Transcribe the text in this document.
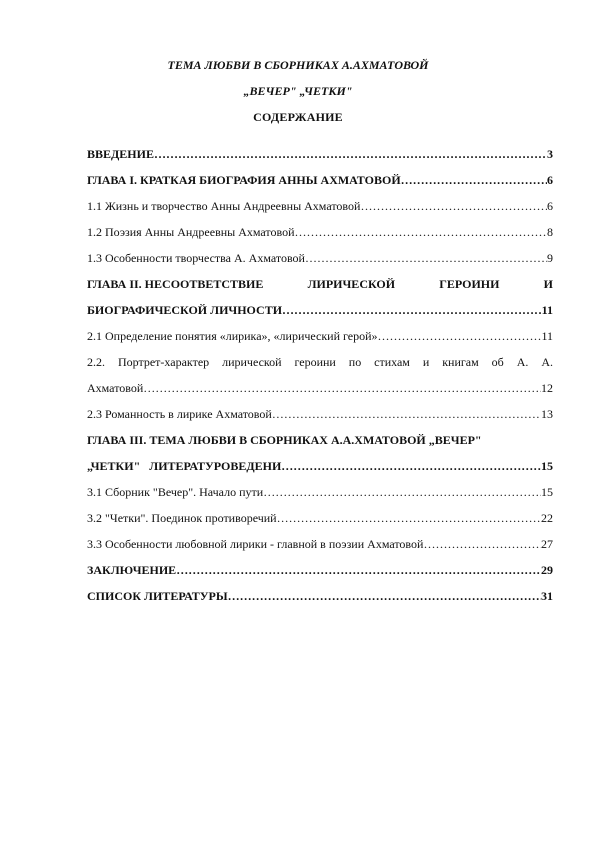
ТЕМА ЛЮБВИ В СБОРНИКАХ А.АХМАТОВОЙ
„ВЕЧЕР" „ЧЕТКИ"
СОДЕРЖАНИЕ
ВВЕДЕНИЕ ……………………………………………………………………………………………………………………………………………………	3
ГЛАВА I. КРАТКАЯ БИОГРАФИЯ АННЫ АХМАТОВОЙ ……………………………………………………………………………………………………………………………………………………	6
1.1 Жизнь и творчество Анны Андреевны Ахматовой ……………………………………………………………………………………………………………………………………………………	6
1.2 Поэзия Анны Андреевны Ахматовой ……………………………………………………………………………………………………………………………………………………	8
1.3 Особенности творчества А. Ахматовой ……………………………………………………………………………………………………………………………………………………	9
ГЛАВА II. НЕСООТВЕТСТВИЕ	ЛИРИЧЕСКОЙ	ГЕРОИНИ	И
БИОГРАФИЧЕСКОЙ ЛИЧНОСТИ ……………………………………………………………………………………………………………………………………………………	11
2.1 Определение понятия «лирика», «лирический герой» ……………………………………………………………………………………………………………………………………………………	11
2.2. Портрет-характер лирической героини по стихам и книгам об А. А.
Ахматовой ……………………………………………………………………………………………………………………………………………………	12
2.3 Романность в лирике Ахматовой ……………………………………………………………………………………………………………………………………………………	13
ГЛАВА III. ТЕМА ЛЮБВИ В СБОРНИКАХ А.А.ХМАТОВОЙ „ВЕЧЕР"
„ЧЕТКИ"   ЛИТЕРАТУРОВЕДЕНИ ……………………………………………………………………………………………………………………………………………………	15
3.1 Сборник "Вечер". Начало пути ……………………………………………………………………………………………………………………………………………………	15
3.2 "Четки". Поединок противоречий ……………………………………………………………………………………………………………………………………………………	22
3.3 Особенности любовной лирики - главной в поэзии Ахматовой ……………………………………………………………………………………………………………………………………………………	27
ЗАКЛЮЧЕНИЕ ……………………………………………………………………………………………………………………………………………………	29
СПИСОК ЛИТЕРАТУРЫ ……………………………………………………………………………………………………………………………………………………	31
